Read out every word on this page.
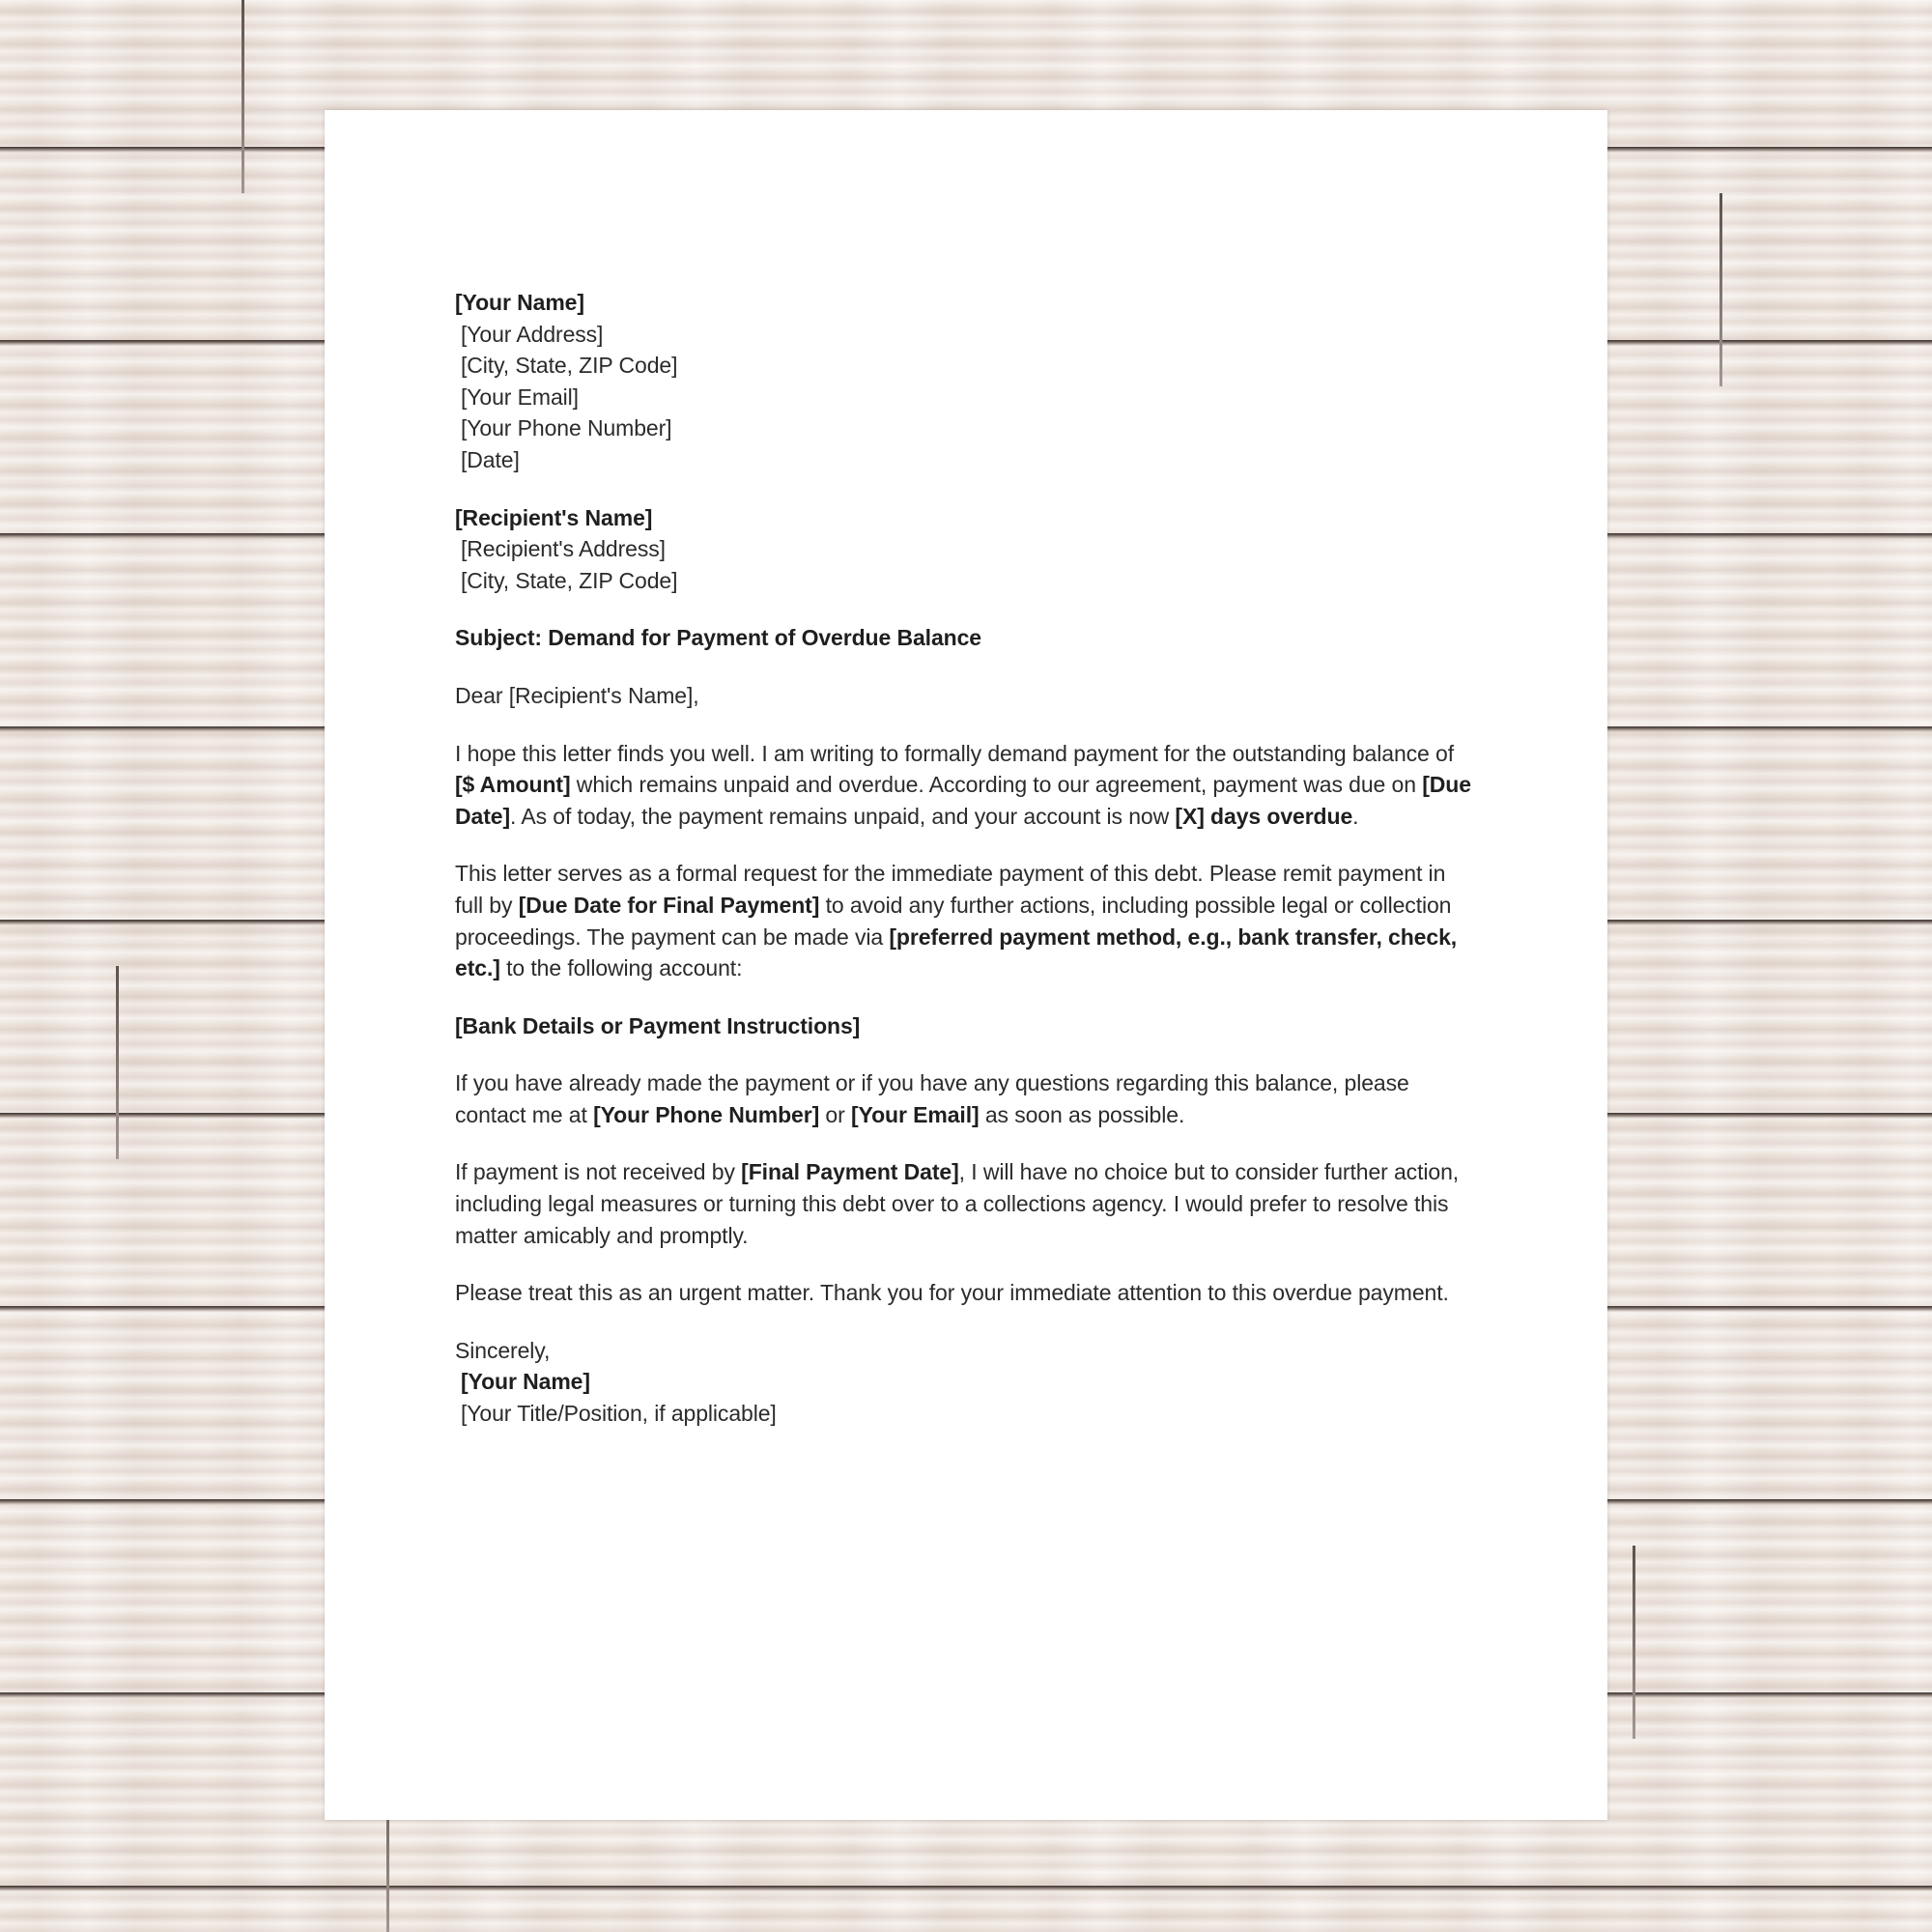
[Your Name]
[Your Address]
[City, State, ZIP Code]
[Your Email]
[Your Phone Number]
[Date]

[Recipient's Name]
[Recipient's Address]
[City, State, ZIP Code]

Subject: Demand for Payment of Overdue Balance

Dear [Recipient's Name],

I hope this letter finds you well. I am writing to formally demand payment for the outstanding balance of [$ Amount] which remains unpaid and overdue. According to our agreement, payment was due on [Due Date]. As of today, the payment remains unpaid, and your account is now [X] days overdue.

This letter serves as a formal request for the immediate payment of this debt. Please remit payment in full by [Due Date for Final Payment] to avoid any further actions, including possible legal or collection proceedings. The payment can be made via [preferred payment method, e.g., bank transfer, check, etc.] to the following account:

[Bank Details or Payment Instructions]

If you have already made the payment or if you have any questions regarding this balance, please contact me at [Your Phone Number] or [Your Email] as soon as possible.

If payment is not received by [Final Payment Date], I will have no choice but to consider further action, including legal measures or turning this debt over to a collections agency. I would prefer to resolve this matter amicably and promptly.

Please treat this as an urgent matter. Thank you for your immediate attention to this overdue payment.

Sincerely,
[Your Name]
[Your Title/Position, if applicable]
